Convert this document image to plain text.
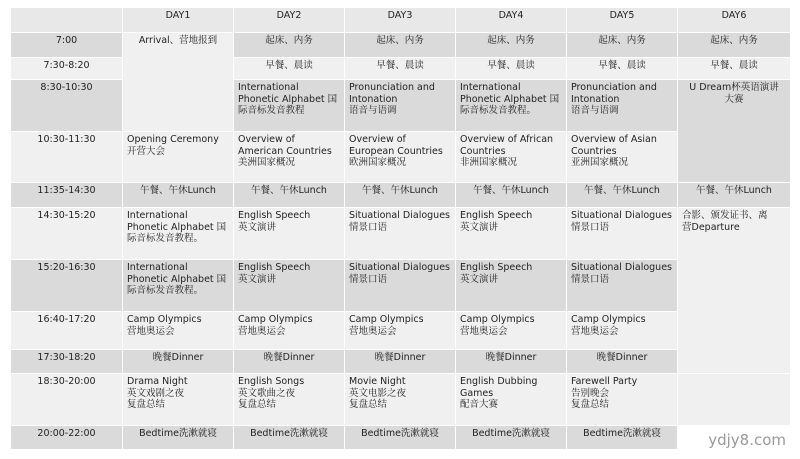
	DAY1	DAY2	DAY3	DAY4	DAY5	DAY6
7:00	Arrival、营地报到	起床、内务	起床、内务	起床、内务	起床、内务	起床、内务
7:30-8:20		早餐、晨读	早餐、晨读	早餐、晨读	早餐、晨读	早餐、晨读
8:30-10:30		International
Phonetic Alphabet 国
际音标发音教程	Pronunciation and
Intonation
语音与语调	International
Phonetic Alphabet 国
际音标发音教程。	Pronunciation and
Intonation
语音与语调	U Dream杯英语演讲
大赛

10:30-11:30	Opening Ceremony
开营大会	Overview of
American Countries
美洲国家概况	Overview of
European Countries
欧洲国家概况	Overview of African
Countries
非洲国家概况	Overview of Asian
Countries
亚洲国家概况	

11:35-14:30	午餐、午休Lunch	午餐、午休Lunch	午餐、午休Lunch	午餐、午休Lunch	午餐、午休Lunch	午餐、午休Lunch
14:30-15:20	International
Phonetic Alphabet 国
际音标发音教程。	English Speech
英文演讲	Situational Dialogues
情景口语	English Speech
英文演讲	Situational Dialogues
情景口语	合影、颁发证书、离
营Departure

15:20-16:30	International
Phonetic Alphabet 国
际音标发音教程。	English Speech
英文演讲	Situational Dialogues
情景口语	English Speech
英文演讲	Situational Dialogues
情景口语	

16:40-17:20	Camp Olympics
营地奥运会	Camp Olympics
营地奥运会	Camp Olympics
营地奥运会	Camp Olympics
营地奥运会	Camp Olympics
营地奥运会	

17:30-18:20	晚餐Dinner	晚餐Dinner	晚餐Dinner	晚餐Dinner	晚餐Dinner	
18:30-20:00	Drama Night
英文戏剧之夜
复盘总结	English Songs
英文歌曲之夜
复盘总结	Movie Night
英文电影之夜
复盘总结	English Dubbing
Games
配音大赛	Farewell Party
告别晚会
复盘总结	

20:00-22:00	Bedtime洗漱就寝	Bedtime洗漱就寝	Bedtime洗漱就寝	Bedtime洗漱就寝	Bedtime洗漱就寝		ydjy8.com
